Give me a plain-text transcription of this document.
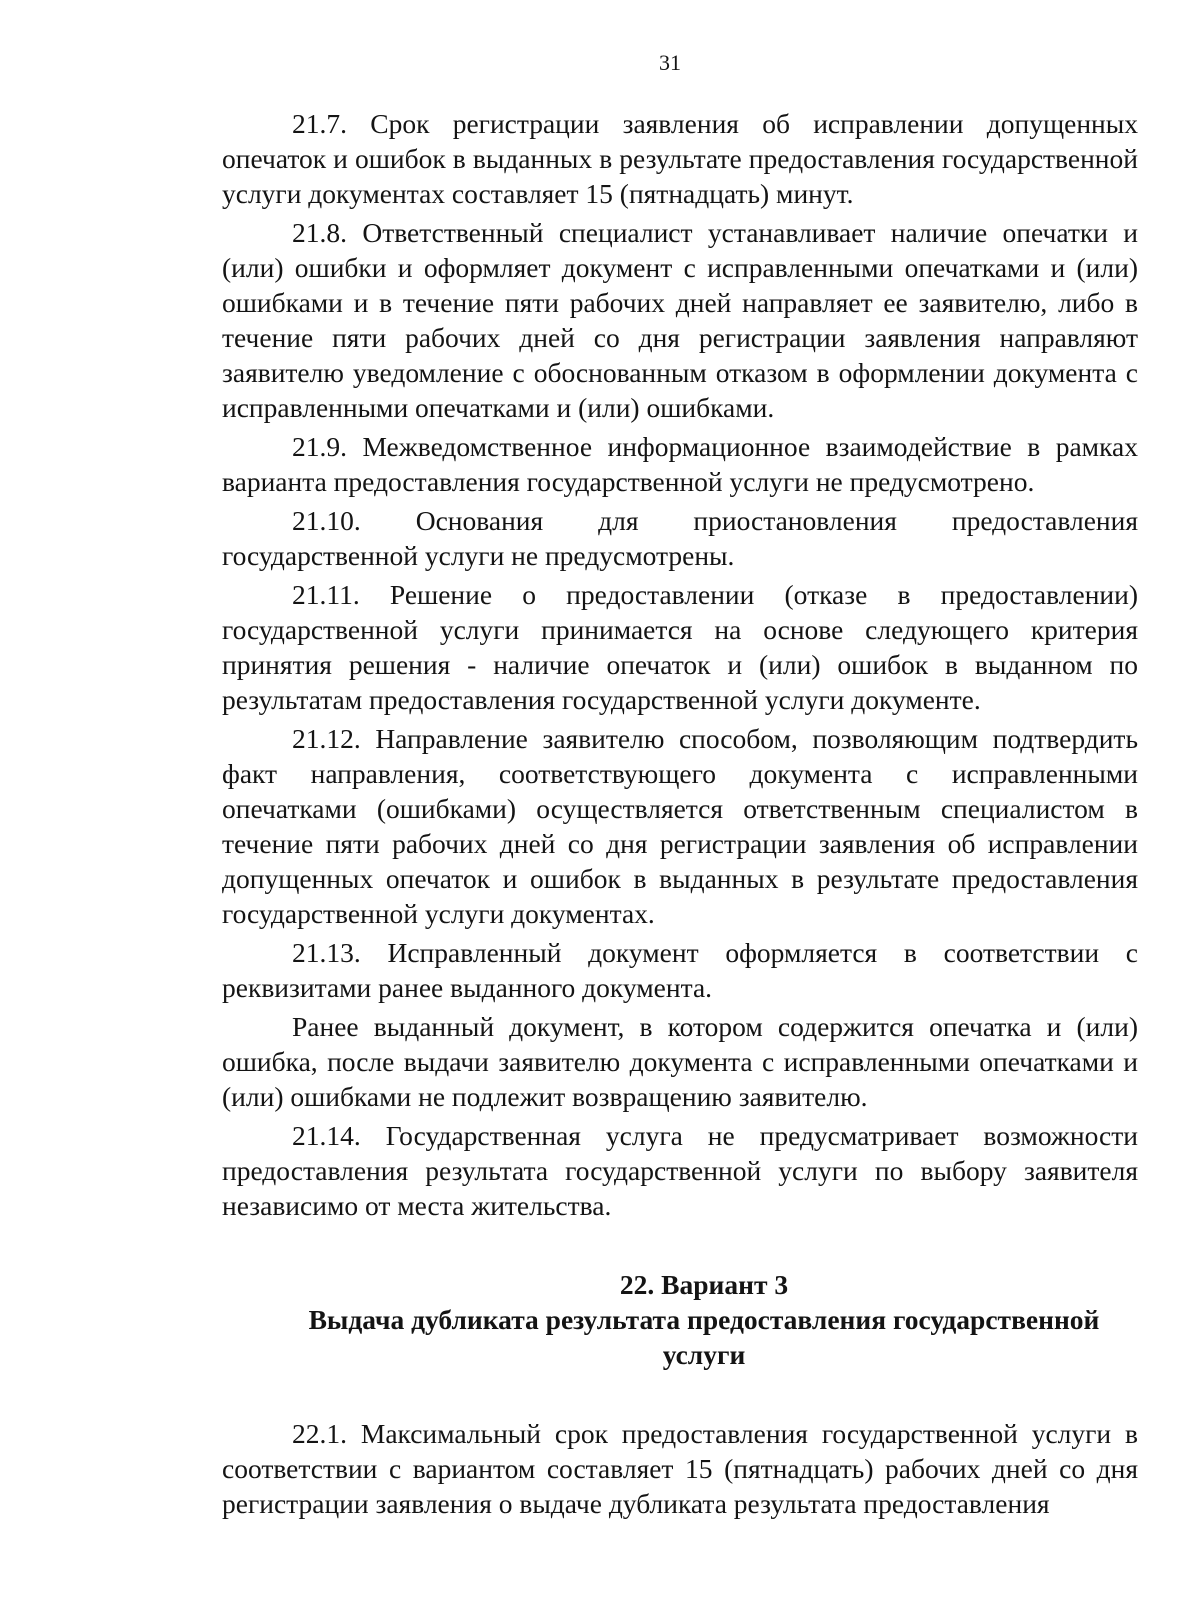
31

21.7. Срок регистрации заявления об исправлении допущенных опечаток и ошибок в выданных в результате предоставления государственной услуги документах составляет 15 (пятнадцать) минут.

21.8. Ответственный специалист устанавливает наличие опечатки и (или) ошибки и оформляет документ с исправленными опечатками и (или) ошибками и в течение пяти рабочих дней направляет ее заявителю, либо в течение пяти рабочих дней со дня регистрации заявления направляют заявителю уведомление с обоснованным отказом в оформлении документа с исправленными опечатками и (или) ошибками.

21.9. Межведомственное информационное взаимодействие в рамках варианта предоставления государственной услуги не предусмотрено.

21.10. Основания для приостановления предоставления государственной услуги не предусмотрены.

21.11. Решение о предоставлении (отказе в предоставлении) государственной услуги принимается на основе следующего критерия принятия решения - наличие опечаток и (или) ошибок в выданном по результатам предоставления государственной услуги документе.

21.12. Направление заявителю способом, позволяющим подтвердить факт направления, соответствующего документа с исправленными опечатками (ошибками) осуществляется ответственным специалистом в течение пяти рабочих дней со дня регистрации заявления об исправлении допущенных опечаток и ошибок в выданных в результате предоставления государственной услуги документах.

21.13. Исправленный документ оформляется в соответствии с реквизитами ранее выданного документа.

Ранее выданный документ, в котором содержится опечатка и (или) ошибка, после выдачи заявителю документа с исправленными опечатками и (или) ошибками не подлежит возвращению заявителю.

21.14. Государственная услуга не предусматривает возможности предоставления результата государственной услуги по выбору заявителя независимо от места жительства.

22. Вариант 3
Выдача дубликата результата предоставления государственной
услуги

22.1. Максимальный срок предоставления государственной услуги в соответствии с вариантом составляет 15 (пятнадцать) рабочих дней со дня регистрации заявления о выдаче дубликата результата предоставления
